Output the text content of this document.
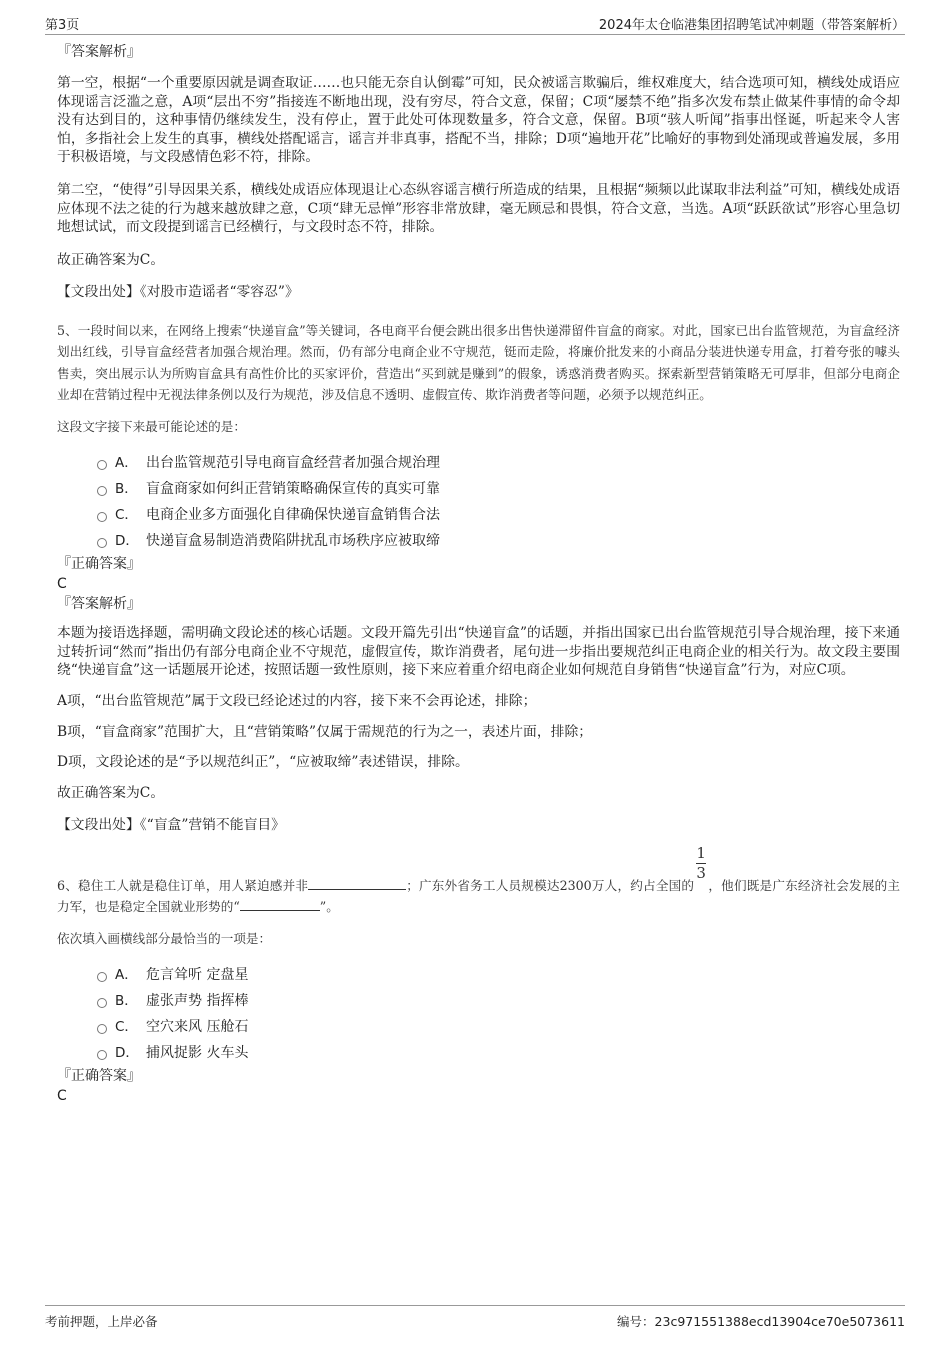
第3页	2024年太仓临港集团招聘笔试冲刺题（带答案解析）
『答案解析』

第一空，根据“一个重要原因就是调查取证……也只能无奈自认倒霉”可知，民众被谣言欺骗后，维权难度大，结合选项可知，横线处成语应体现谣言泛滥之意，A项“层出不穷”指接连不断地出现，没有穷尽，符合文意，保留；C项“屡禁不绝”指多次发布禁止做某件事情的命令却没有达到目的，这种事情仍继续发生，没有停止，置于此处可体现数量多，符合文意，保留。B项“骇人听闻”指事出怪诞，听起来令人害怕，多指社会上发生的真事，横线处搭配谣言，谣言并非真事，搭配不当，排除；D项“遍地开花”比喻好的事物到处涌现或普遍发展，多用于积极语境，与文段感情色彩不符，排除。

第二空，“使得”引导因果关系，横线处成语应体现退让心态纵容谣言横行所造成的结果，且根据“频频以此谋取非法利益”可知，横线处成语应体现不法之徒的行为越来越放肆之意，C项“肆无忌惮”形容非常放肆，毫无顾忌和畏惧，符合文意，当选。A项“跃跃欲试”形容心里急切地想试试，而文段提到谣言已经横行，与文段时态不符，排除。

故正确答案为C。

【文段出处】《对股市造谣者“零容忍”》

5、一段时间以来，在网络上搜索“快递盲盒”等关键词，各电商平台便会跳出很多出售快递滞留件盲盒的商家。对此，国家已出台监管规范，为盲盒经济划出红线，引导盲盒经营者加强合规治理。然而，仍有部分电商企业不守规范，铤而走险，将廉价批发来的小商品分装进快递专用盒，打着夸张的噱头售卖，突出展示认为所购盲盒具有高性价比的买家评价，营造出“买到就是赚到”的假象，诱惑消费者购买。探索新型营销策略无可厚非，但部分电商企业却在营销过程中无视法律条例以及行为规范，涉及信息不透明、虚假宣传、欺诈消费者等问题，必须予以规范纠正。

这段文字接下来最可能论述的是：

A． 出台监管规范引导电商盲盒经营者加强合规治理
B． 盲盒商家如何纠正营销策略确保宣传的真实可靠
C． 电商企业多方面强化自律确保快递盲盒销售合法
D． 快递盲盒易制造消费陷阱扰乱市场秩序应被取缔
『正确答案』
C
『答案解析』

本题为接语选择题，需明确文段论述的核心话题。文段开篇先引出“快递盲盒”的话题，并指出国家已出台监管规范引导合规治理，接下来通过转折词“然而”指出仍有部分电商企业不守规范，虚假宣传，欺诈消费者，尾句进一步指出要规范纠正电商企业的相关行为。故文段主要围绕“快递盲盒”这一话题展开论述，按照话题一致性原则，接下来应着重介绍电商企业如何规范自身销售“快递盲盒”行为，对应C项。

A项，“出台监管规范”属于文段已经论述过的内容，接下来不会再论述，排除；

B项，“盲盒商家”范围扩大，且“营销策略”仅属于需规范的行为之一，表述片面，排除；

D项，文段论述的是“予以规范纠正”，“应被取缔”表述错误，排除。

故正确答案为C。

【文段出处】《“盲盒”营销不能盲目》

6、稳住工人就是稳住订单，用人紧迫感并非	；广东外省务工人员规模达2300万人，约占全国的 $\frac{1}{3}$ ，他们既是广东经济社会发展的主力军，也是稳定全国就业形势的“	”。

依次填入画横线部分最恰当的一项是：

A． 危言耸听 定盘星
B． 虚张声势 指挥棒
C． 空穴来风 压舱石
D． 捕风捉影 火车头
『正确答案』
C
考前押题，上岸必备	编号：23c971551388ecd13904ce70e5073611
